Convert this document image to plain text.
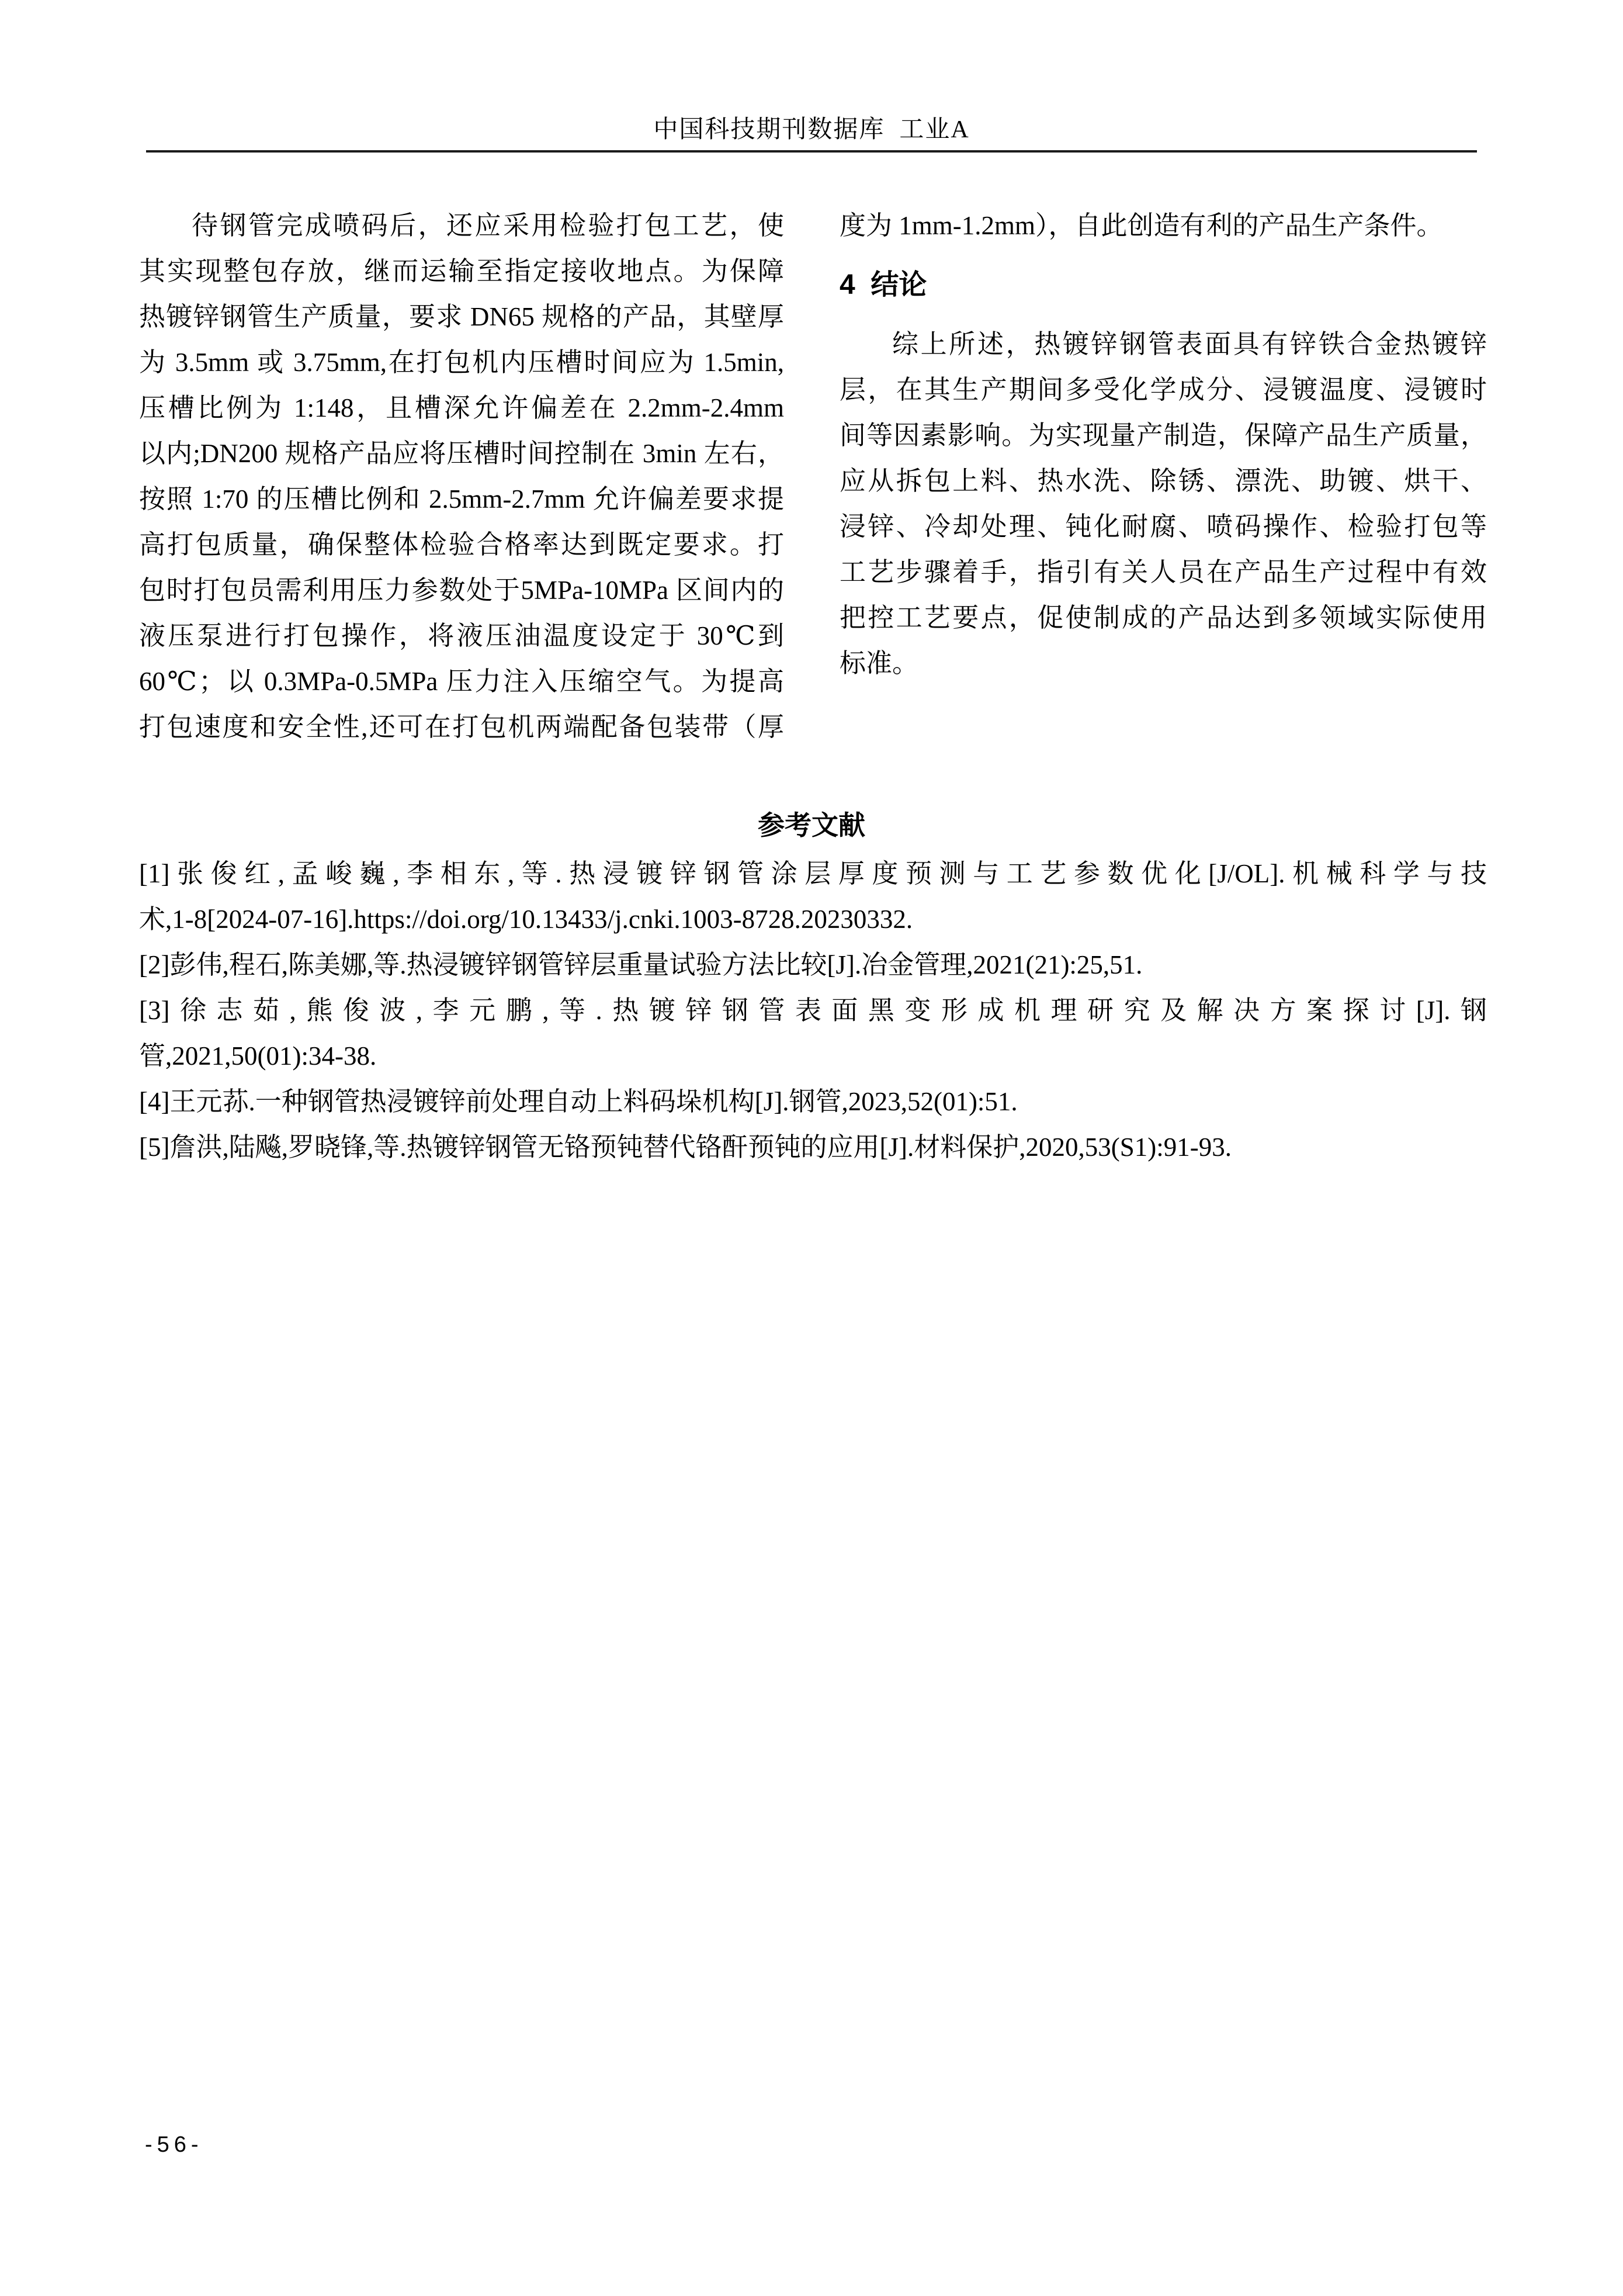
中国科技期刊数据库  工业A
待钢管完成喷码后，还应采用检验打包工艺，使
其实现整包存放，继而运输至指定接收地点。为保障
热镀锌钢管生产质量，要求 DN65 规格的产品，其壁厚
为 3.5mm 或 3.75mm,在打包机内压槽时间应为 1.5min,
压槽比例为 1:148，且槽深允许偏差在 2.2mm-2.4mm
以内;DN200 规格产品应将压槽时间控制在 3min 左右，
按照 1:70 的压槽比例和 2.5mm-2.7mm 允许偏差要求提
高打包质量，确保整体检验合格率达到既定要求。打
包时打包员需利用压力参数处于5MPa-10MPa 区间内的
液压泵进行打包操作，将液压油温度设定于 30℃到
60℃；以 0.3MPa-0.5MPa 压力注入压缩空气。为提高
打包速度和安全性,还可在打包机两端配备包装带（厚
度为 1mm-1.2mm），自此创造有利的产品生产条件。
4  结论
综上所述，热镀锌钢管表面具有锌铁合金热镀锌
层，在其生产期间多受化学成分、浸镀温度、浸镀时
间等因素影响。为实现量产制造，保障产品生产质量，
应从拆包上料、热水洗、除锈、漂洗、助镀、烘干、
浸锌、冷却处理、钝化耐腐、喷码操作、检验打包等
工艺步骤着手，指引有关人员在产品生产过程中有效
把控工艺要点，促使制成的产品达到多领域实际使用
标准。
参考文献
[1]张俊红,孟峻巍,李相东,等.热浸镀锌钢管涂层厚度预测与工艺参数优化[J/OL].机械科学与技
术,1-8[2024-07-16].https://doi.org/10.13433/j.cnki.1003-8728.20230332.
[2]彭伟,程石,陈美娜,等.热浸镀锌钢管锌层重量试验方法比较[J].冶金管理,2021(21):25,51.
[3]徐志茹,熊俊波,李元鹏,等.热镀锌钢管表面黑变形成机理研究及解决方案探讨[J].钢
管,2021,50(01):34-38.
[4]王元荪.一种钢管热浸镀锌前处理自动上料码垛机构[J].钢管,2023,52(01):51.
[5]詹洪,陆飚,罗晓锋,等.热镀锌钢管无铬预钝替代铬酐预钝的应用[J].材料保护,2020,53(S1):91-93.
-56-
